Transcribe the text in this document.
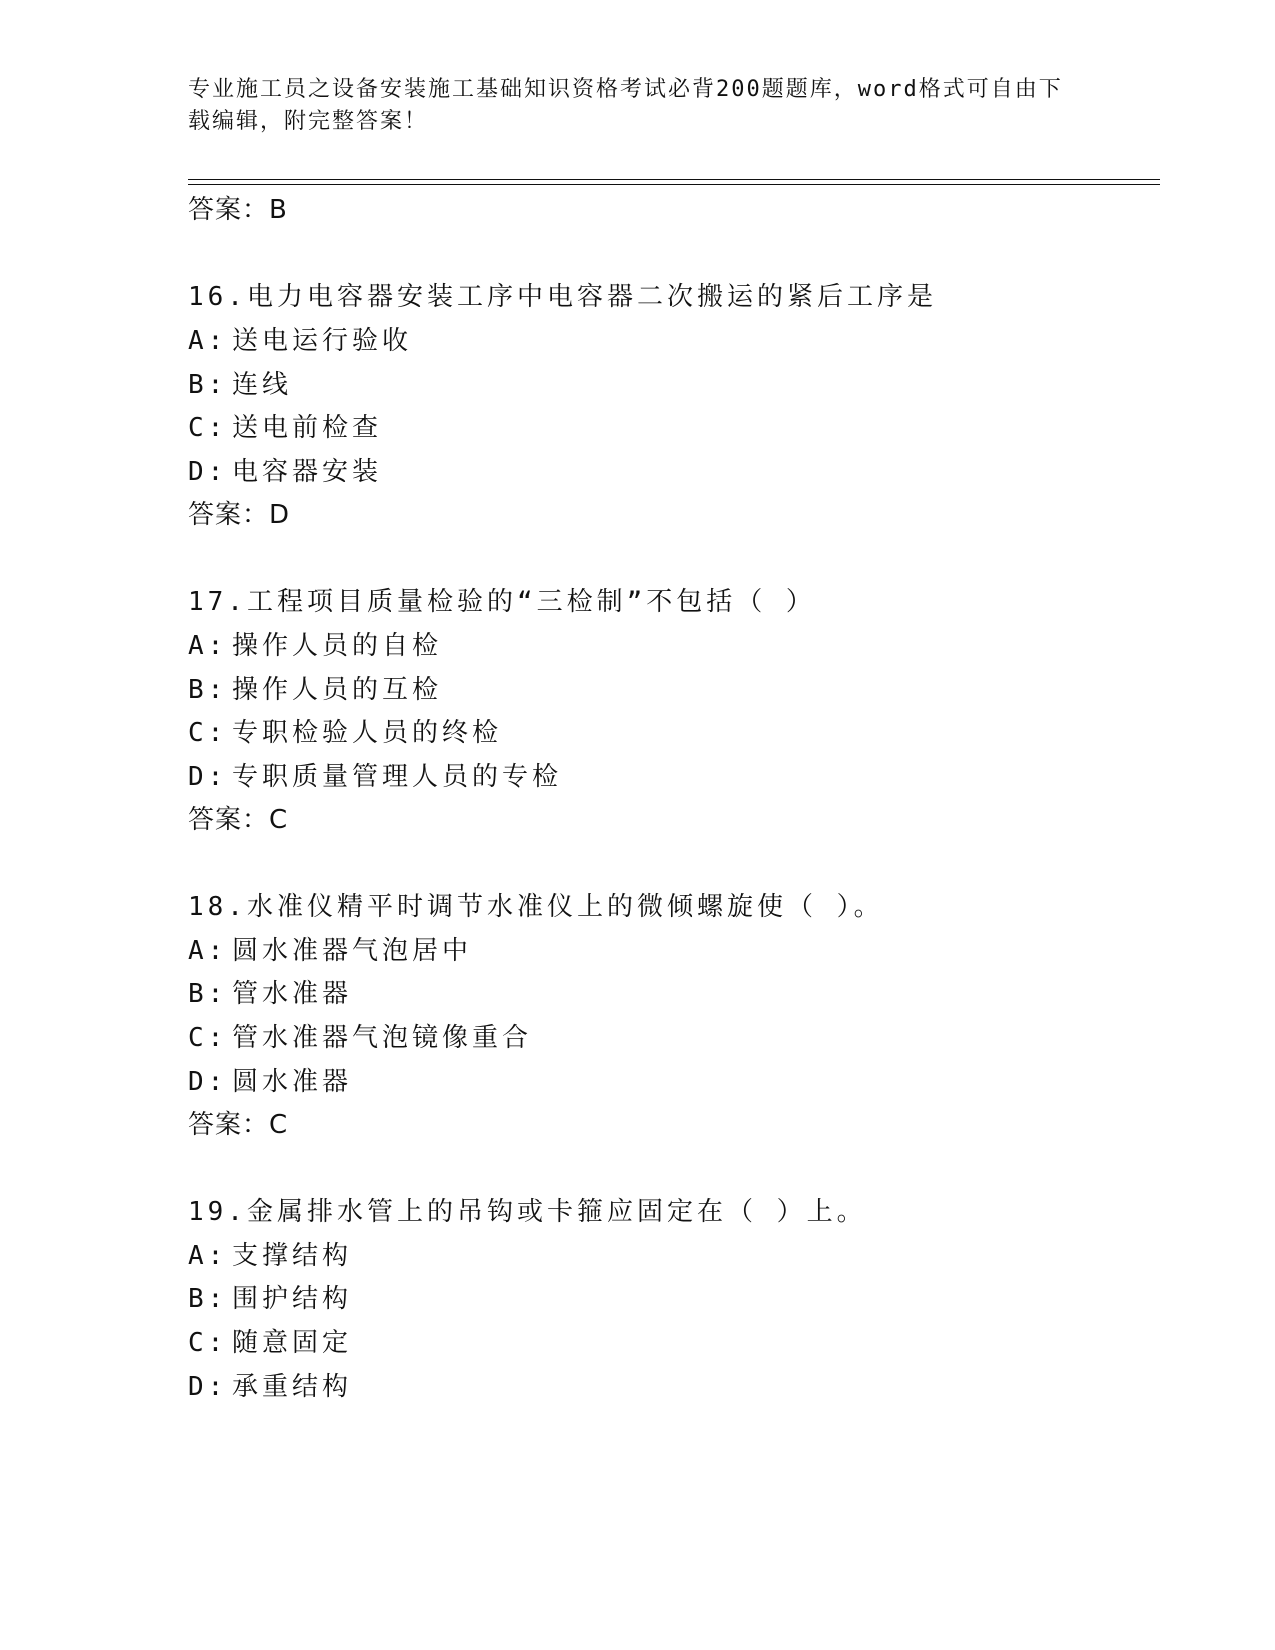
专业施工员之设备安装施工基础知识资格考试必背200题题库，word格式可自由下载编辑，附完整答案！
答案：B
16.电力电容器安装工序中电容器二次搬运的紧后工序是
A: 送电运行验收
B: 连线
C: 送电前检查
D: 电容器安装
答案：D
17.工程项目质量检验的“三检制”不包括（ ）
A: 操作人员的自检
B: 操作人员的互检
C: 专职检验人员的终检
D: 专职质量管理人员的专检
答案：C
18.水准仪精平时调节水准仪上的微倾螺旋使（ ）。
A: 圆水准器气泡居中
B: 管水准器
C: 管水准器气泡镜像重合
D: 圆水准器
答案：C
19.金属排水管上的吊钩或卡箍应固定在（ ）上。
A: 支撑结构
B: 围护结构
C: 随意固定
D: 承重结构
